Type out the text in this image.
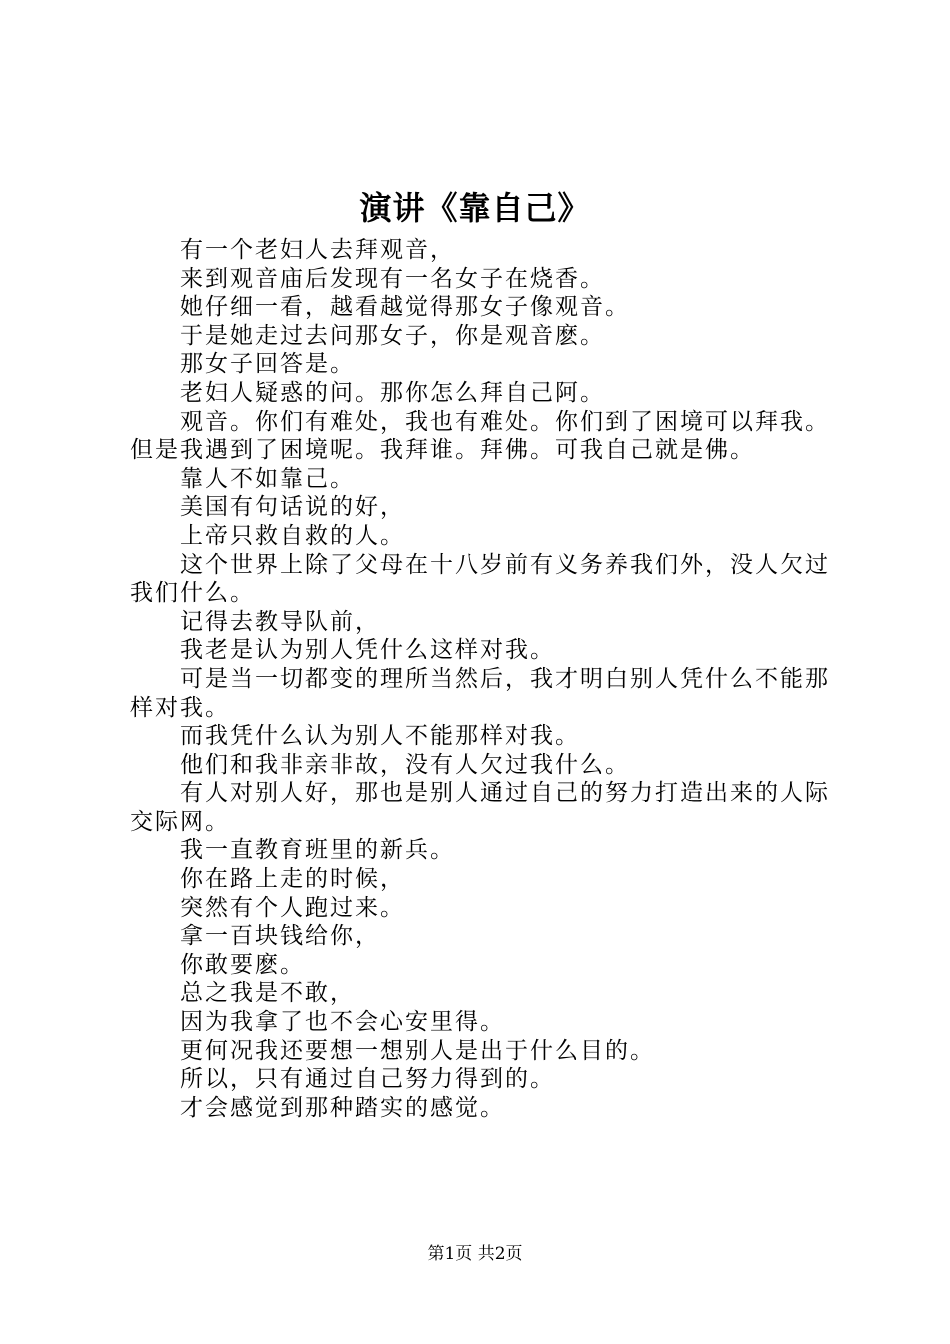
演讲《靠自己》

有一个老妇人去拜观音，

来到观音庙后发现有一名女子在烧香。

她仔细一看，越看越觉得那女子像观音。

于是她走过去问那女子，你是观音麽。

那女子回答是。

老妇人疑惑的问。那你怎么拜自己阿。

观音。你们有难处，我也有难处。你们到了困境可以拜我。但是我遇到了困境呢。我拜谁。拜佛。可我自己就是佛。

靠人不如靠己。

美国有句话说的好，

上帝只救自救的人。

这个世界上除了父母在十八岁前有义务养我们外，没人欠过我们什么。

记得去教导队前，

我老是认为别人凭什么这样对我。

可是当一切都变的理所当然后，我才明白别人凭什么不能那样对我。

而我凭什么认为别人不能那样对我。

他们和我非亲非故，没有人欠过我什么。

有人对别人好，那也是别人通过自己的努力打造出来的人际交际网。

我一直教育班里的新兵。

你在路上走的时候，

突然有个人跑过来。

拿一百块钱给你，

你敢要麽。

总之我是不敢，

因为我拿了也不会心安里得。

更何况我还要想一想别人是出于什么目的。

所以，只有通过自己努力得到的。

才会感觉到那种踏实的感觉。

第1页 共2页
